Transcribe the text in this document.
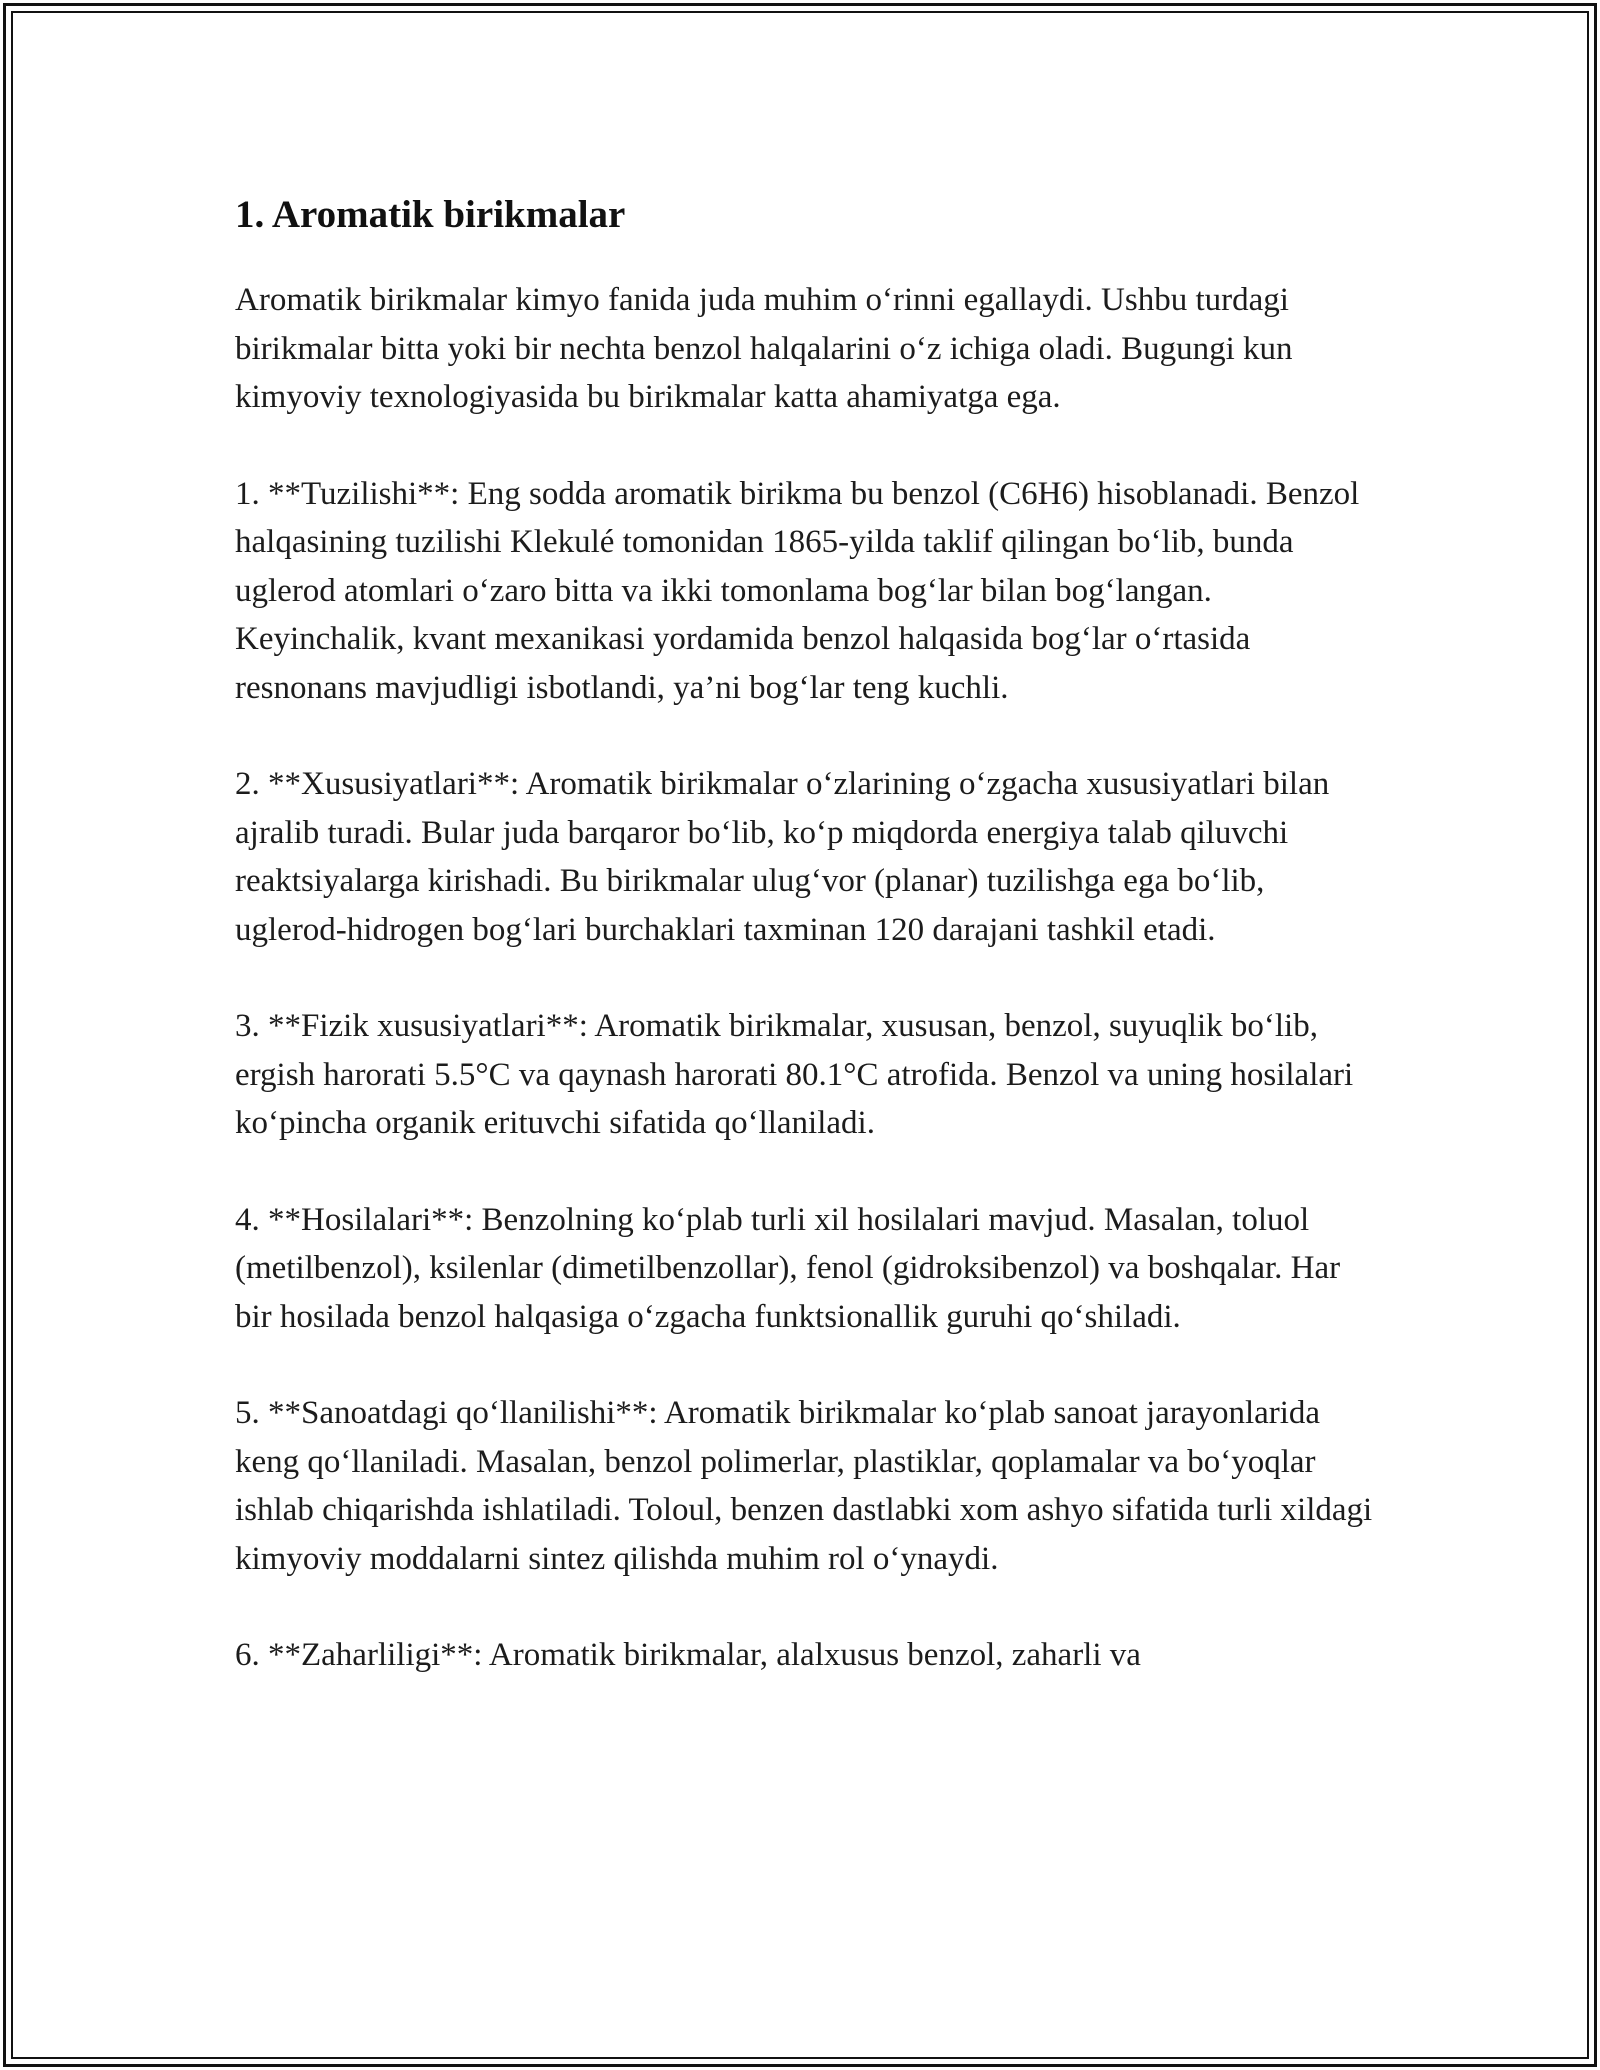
1. Aromatik birikmalar

Aromatik birikmalar kimyo fanida juda muhim o‘rinni egallaydi. Ushbu turdagi birikmalar bitta yoki bir nechta benzol halqalarini o‘z ichiga oladi. Bugungi kun kimyoviy texnologiyasida bu birikmalar katta ahamiyatga ega.

1. **Tuzilishi**: Eng sodda aromatik birikma bu benzol (C6H6) hisoblanadi. Benzol halqasining tuzilishi Klekulé tomonidan 1865-yilda taklif qilingan bo‘lib, bunda uglerod atomlari o‘zaro bitta va ikki tomonlama bog‘lar bilan bog‘langan. Keyinchalik, kvant mexanikasi yordamida benzol halqasida bog‘lar o‘rtasida resnonans mavjudligi isbotlandi, ya’ni bog‘lar teng kuchli.

2. **Xususiyatlari**: Aromatik birikmalar o‘zlarining o‘zgacha xususiyatlari bilan ajralib turadi. Bular juda barqaror bo‘lib, ko‘p miqdorda energiya talab qiluvchi reaktsiyalarga kirishadi. Bu birikmalar ulug‘vor (planar) tuzilishga ega bo‘lib, uglerod-hidrogen bog‘lari burchaklari taxminan 120 darajani tashkil etadi.

3. **Fizik xususiyatlari**: Aromatik birikmalar, xususan, benzol, suyuqlik bo‘lib, ergish harorati 5.5°C va qaynash harorati 80.1°C atrofida. Benzol va uning hosilalari ko‘pincha organik erituvchi sifatida qo‘llaniladi.

4. **Hosilalari**: Benzolning ko‘plab turli xil hosilalari mavjud. Masalan, toluol (metilbenzol), ksilenlar (dimetilbenzollar), fenol (gidroksibenzol) va boshqalar. Har bir hosilada benzol halqasiga o‘zgacha funktsionallik guruhi qo‘shiladi.

5. **Sanoatdagi qo‘llanilishi**: Aromatik birikmalar ko‘plab sanoat jarayonlarida keng qo‘llaniladi. Masalan, benzol polimerlar, plastiklar, qoplamalar va bo‘yoqlar ishlab chiqarishda ishlatiladi. Toloul, benzen dastlabki xom ashyo sifatida turli xildagi kimyoviy moddalarni sintez qilishda muhim rol o‘ynaydi.

6. **Zaharliligi**: Aromatik birikmalar, alalxusus benzol, zaharli va
